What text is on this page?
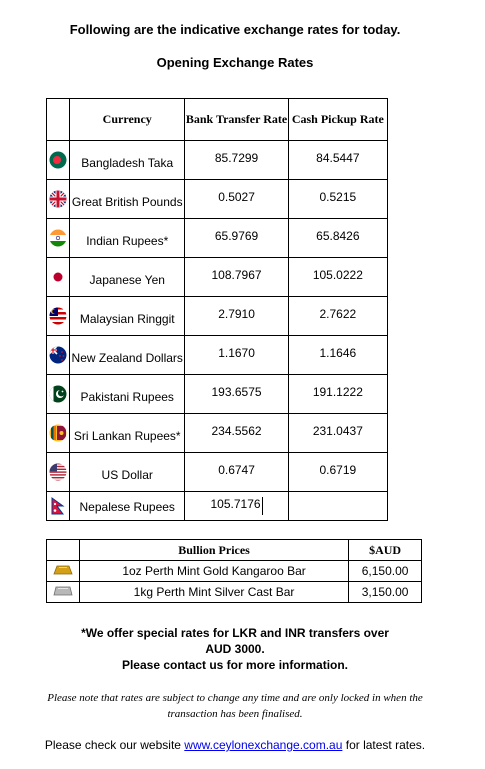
Following are the indicative exchange rates for today.
Opening Exchange Rates
	Currency	Bank Transfer Rate	Cash Pickup Rate

	Bangladesh Taka	85.7299	84.5447

	Great British Pounds	0.5027	0.5215

	Indian Rupees*	65.9769	65.8426

	Japanese Yen	108.7967	105.0222

	Malaysian Ringgit	2.7910	2.7622

	New Zealand Dollars	1.1670	1.1646

	Pakistani Rupees	193.6575	191.1222

	Sri Lankan Rupees*	234.5562	231.0437

	US Dollar	0.6747	0.6719

	Nepalese Rupees	105.7176	
	Bullion Prices	$AUD
	1oz Perth Mint Gold Kangaroo Bar	6,150.00
	1kg Perth Mint Silver Cast Bar	3,150.00
*We offer special rates for LKR and INR transfers over
AUD 3000.
Please contact us for more information.
Please note that rates are subject to change any time and are only locked in when the
transaction has been finalised.
Please check our website www.ceylonexchange.com.au for latest rates.
